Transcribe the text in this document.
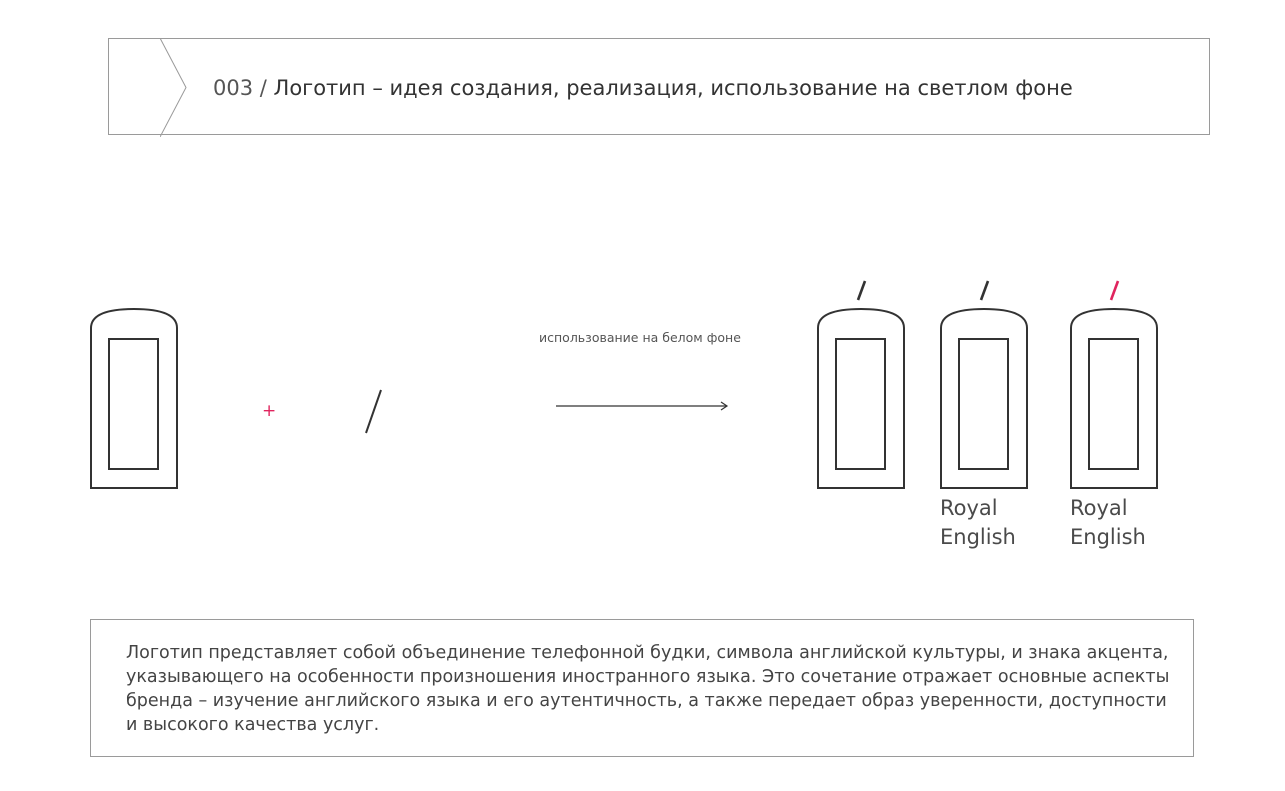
003 / Логотип – идея создания, реализация, использование на светлом фоне
+
использование на белом фоне
Royal
English
Royal
English
Логотип представляет собой объединение телефонной будки, символа английской культуры, и знака акцента, указывающего на особенности произношения иностранного языка. Это сочетание отражает основные аспекты бренда – изучение английского языка и его аутентичность, а также передает образ уверенности, доступности и высокого качества услуг.
